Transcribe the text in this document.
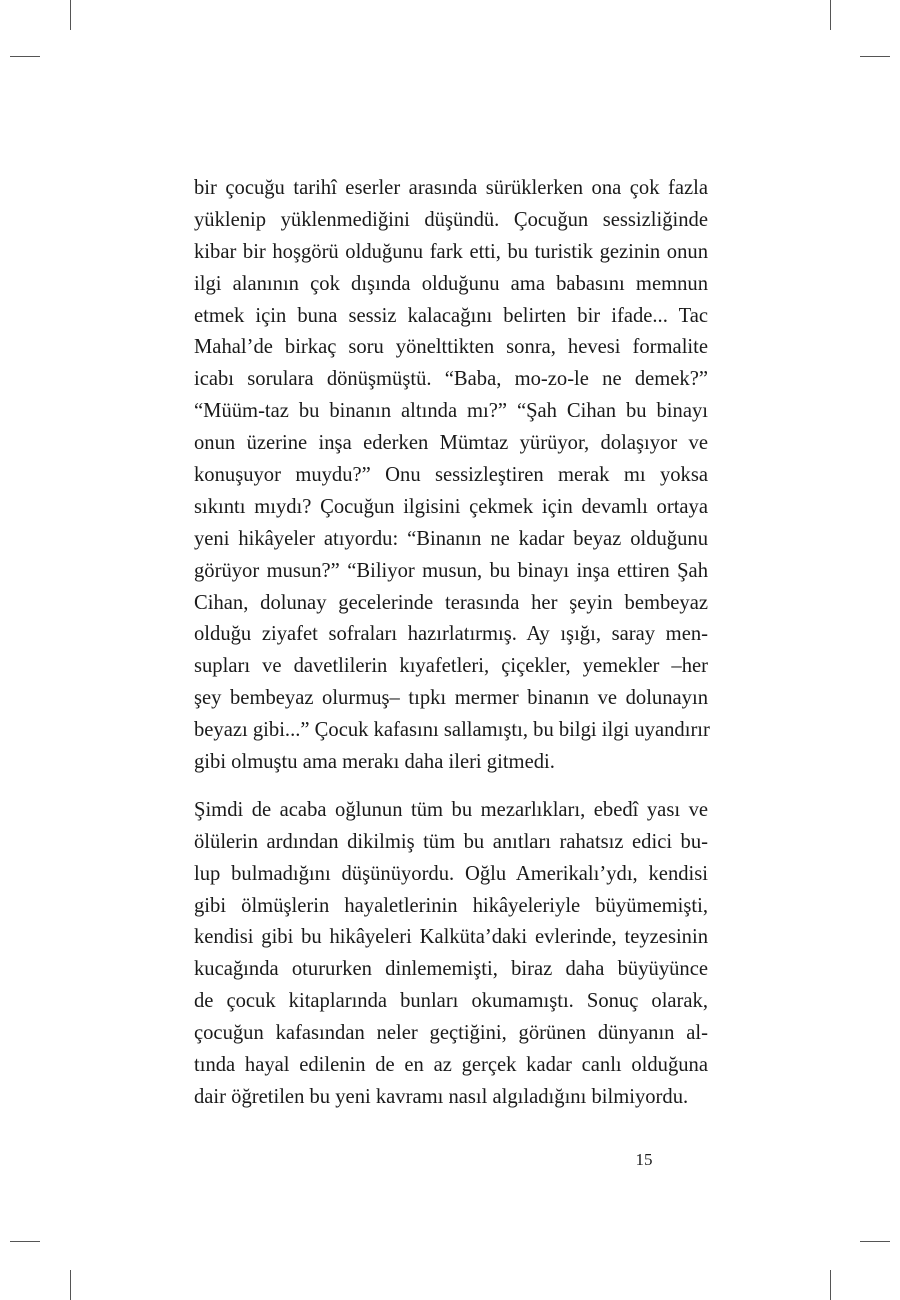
bir çocuğu tarihî eserler arasında sürüklerken ona çok fazla
yüklenip yüklenmediğini düşündü. Çocuğun sessizliğinde
kibar bir hoşgörü olduğunu fark etti, bu turistik gezinin onun
ilgi alanının çok dışında olduğunu ama babasını memnun
etmek için buna sessiz kalacağını belirten bir ifade... Tac
Mahal’de birkaç soru yönelttikten sonra, hevesi formalite
icabı sorulara dönüşmüştü. “Baba, mo-zo-le ne demek?”
“Müüm-taz bu binanın altında mı?” “Şah Cihan bu binayı
onun üzerine inşa ederken Mümtaz yürüyor, dolaşıyor ve
konuşuyor muydu?” Onu sessizleştiren merak mı yoksa
sıkıntı mıydı? Çocuğun ilgisini çekmek için devamlı ortaya
yeni hikâyeler atıyordu: “Binanın ne kadar beyaz olduğunu
görüyor musun?” “Biliyor musun, bu binayı inşa ettiren Şah
Cihan, dolunay gecelerinde terasında her şeyin bembeyaz
olduğu ziyafet sofraları hazırlatırmış. Ay ışığı, saray men-
supları ve davetlilerin kıyafetleri, çiçekler, yemekler –her
şey bembeyaz olurmuş– tıpkı mermer binanın ve dolunayın
beyazı gibi...” Çocuk kafasını sallamıştı, bu bilgi ilgi uyandırır
gibi olmuştu ama merakı daha ileri gitmedi.

Şimdi de acaba oğlunun tüm bu mezarlıkları, ebedî yası ve
ölülerin ardından dikilmiş tüm bu anıtları rahatsız edici bu-
lup bulmadığını düşünüyordu. Oğlu Amerikalı’ydı, kendisi
gibi ölmüşlerin hayaletlerinin hikâyeleriyle büyümemişti,
kendisi gibi bu hikâyeleri Kalküta’daki evlerinde, teyzesinin
kucağında otururken dinlememişti, biraz daha büyüyünce
de çocuk kitaplarında bunları okumamıştı. Sonuç olarak,
çocuğun kafasından neler geçtiğini, görünen dünyanın al-
tında hayal edilenin de en az gerçek kadar canlı olduğuna
dair öğretilen bu yeni kavramı nasıl algıladığını bilmiyordu.

15
